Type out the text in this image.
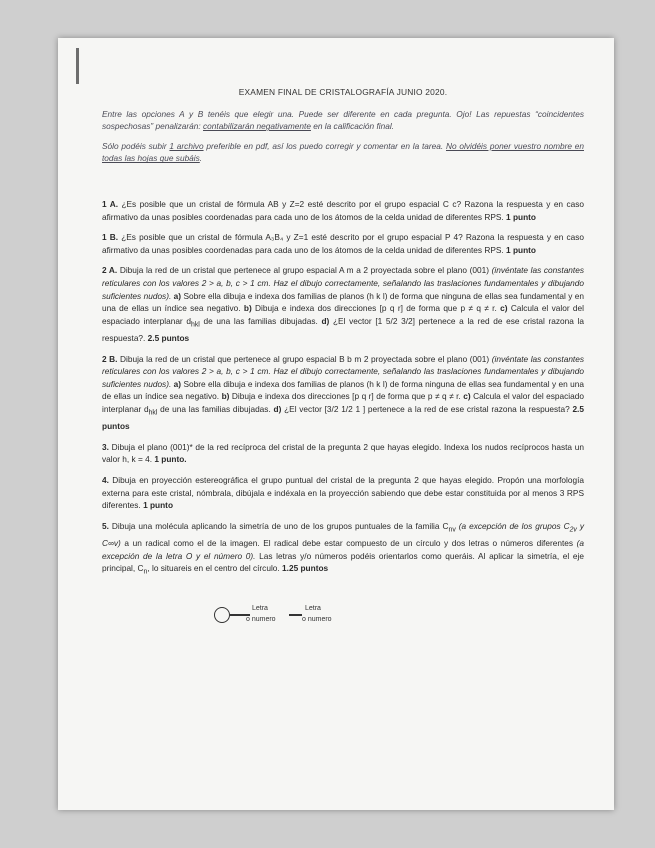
EXAMEN FINAL DE CRISTALOGRAFÍA JUNIO 2020.

Entre las opciones A y B tenéis que elegir una. Puede ser diferente en cada pregunta. Ojo! Las repuestas “coincidentes sospechosas” penalizarán: contabilizarán negativamente en la calificación final.

Sólo podéis subir 1 archivo preferible en pdf, así los puedo corregir y comentar en la tarea. No olvidéis poner vuestro nombre en todas las hojas que subáis.

1 A. ¿Es posible que un cristal de fórmula AB y Z=2 esté descrito por el grupo espacial C c? Razona la respuesta y en caso afirmativo da unas posibles coordenadas para cada uno de los átomos de la celda unidad de diferentes RPS. 1 punto

1 B. ¿Es posible que un cristal de fórmula A₃B₄ y Z=1 esté descrito por el grupo espacial P 4? Razona la respuesta y en caso afirmativo da unas posibles coordenadas para cada uno de los átomos de la celda unidad de diferentes RPS. 1 punto

2 A. Dibuja la red de un cristal que pertenece al grupo espacial A m a 2 proyectada sobre el plano (001) (invéntate las constantes reticulares con los valores 2 > a, b, c > 1 cm. Haz el dibujo correctamente, señalando las traslaciones fundamentales y dibujando suficientes nudos). a) Sobre ella dibuja e indexa dos familias de planos (h k l) de forma que ninguna de ellas sea fundamental y en una de ellas un índice sea negativo. b) Dibuja e indexa dos direcciones [p q r] de forma que p ≠ q ≠ r. c) Calcula el valor del espaciado interplanar $d_{hkl}$ de una las familias dibujadas. d) ¿El vector [1 5/2 3/2] pertenece a la red de ese cristal razona la respuesta?. 2.5 puntos

2 B. Dibuja la red de un cristal que pertenece al grupo espacial B b m 2 proyectada sobre el plano (001) (invéntate las constantes reticulares con los valores 2 > a, b, c > 1 cm. Haz el dibujo correctamente, señalando las traslaciones fundamentales y dibujando suficientes nudos). a) Sobre ella dibuja e indexa dos familias de planos (h k l) de forma ninguna de ellas sea fundamental y en una de ellas un índice sea negativo. b) Dibuja e indexa dos direcciones [p q r] de forma que p ≠ q ≠ r. c) Calcula el valor del espaciado interplanar $d_{hkl}$ de una las familias dibujadas. d) ¿El vector [3/2 1/2 1 ] pertenece a la red de ese cristal razona la respuesta? 2.5 puntos

3. Dibuja el plano (001)* de la red recíproca del cristal de la pregunta 2 que hayas elegido. Indexa los nudos recíprocos hasta un valor h, k = 4. 1 punto.

4. Dibuja en proyección estereográfica el grupo puntual del cristal de la pregunta 2 que hayas elegido. Propón una morfología externa para este cristal, nómbrala, dibújala e indéxala en la proyección sabiendo que debe estar constituida por al menos 3 RPS diferentes. 1 punto

5. Dibuja una molécula aplicando la simetría de uno de los grupos puntuales de la familia $C_{nv}$ (a excepción de los grupos $C_{2v}$ y C∞v) a un radical como el de la imagen. El radical debe estar compuesto de un círculo y dos letras o números diferentes (a excepción de la letra O y el número 0). Las letras y/o números podéis orientarlos como queráis. Al aplicar la simetría, el eje principal, $C_n$, lo situareis en el centro del círculo. 1.25 puntos

Letra
o numero
Letra
o numero
